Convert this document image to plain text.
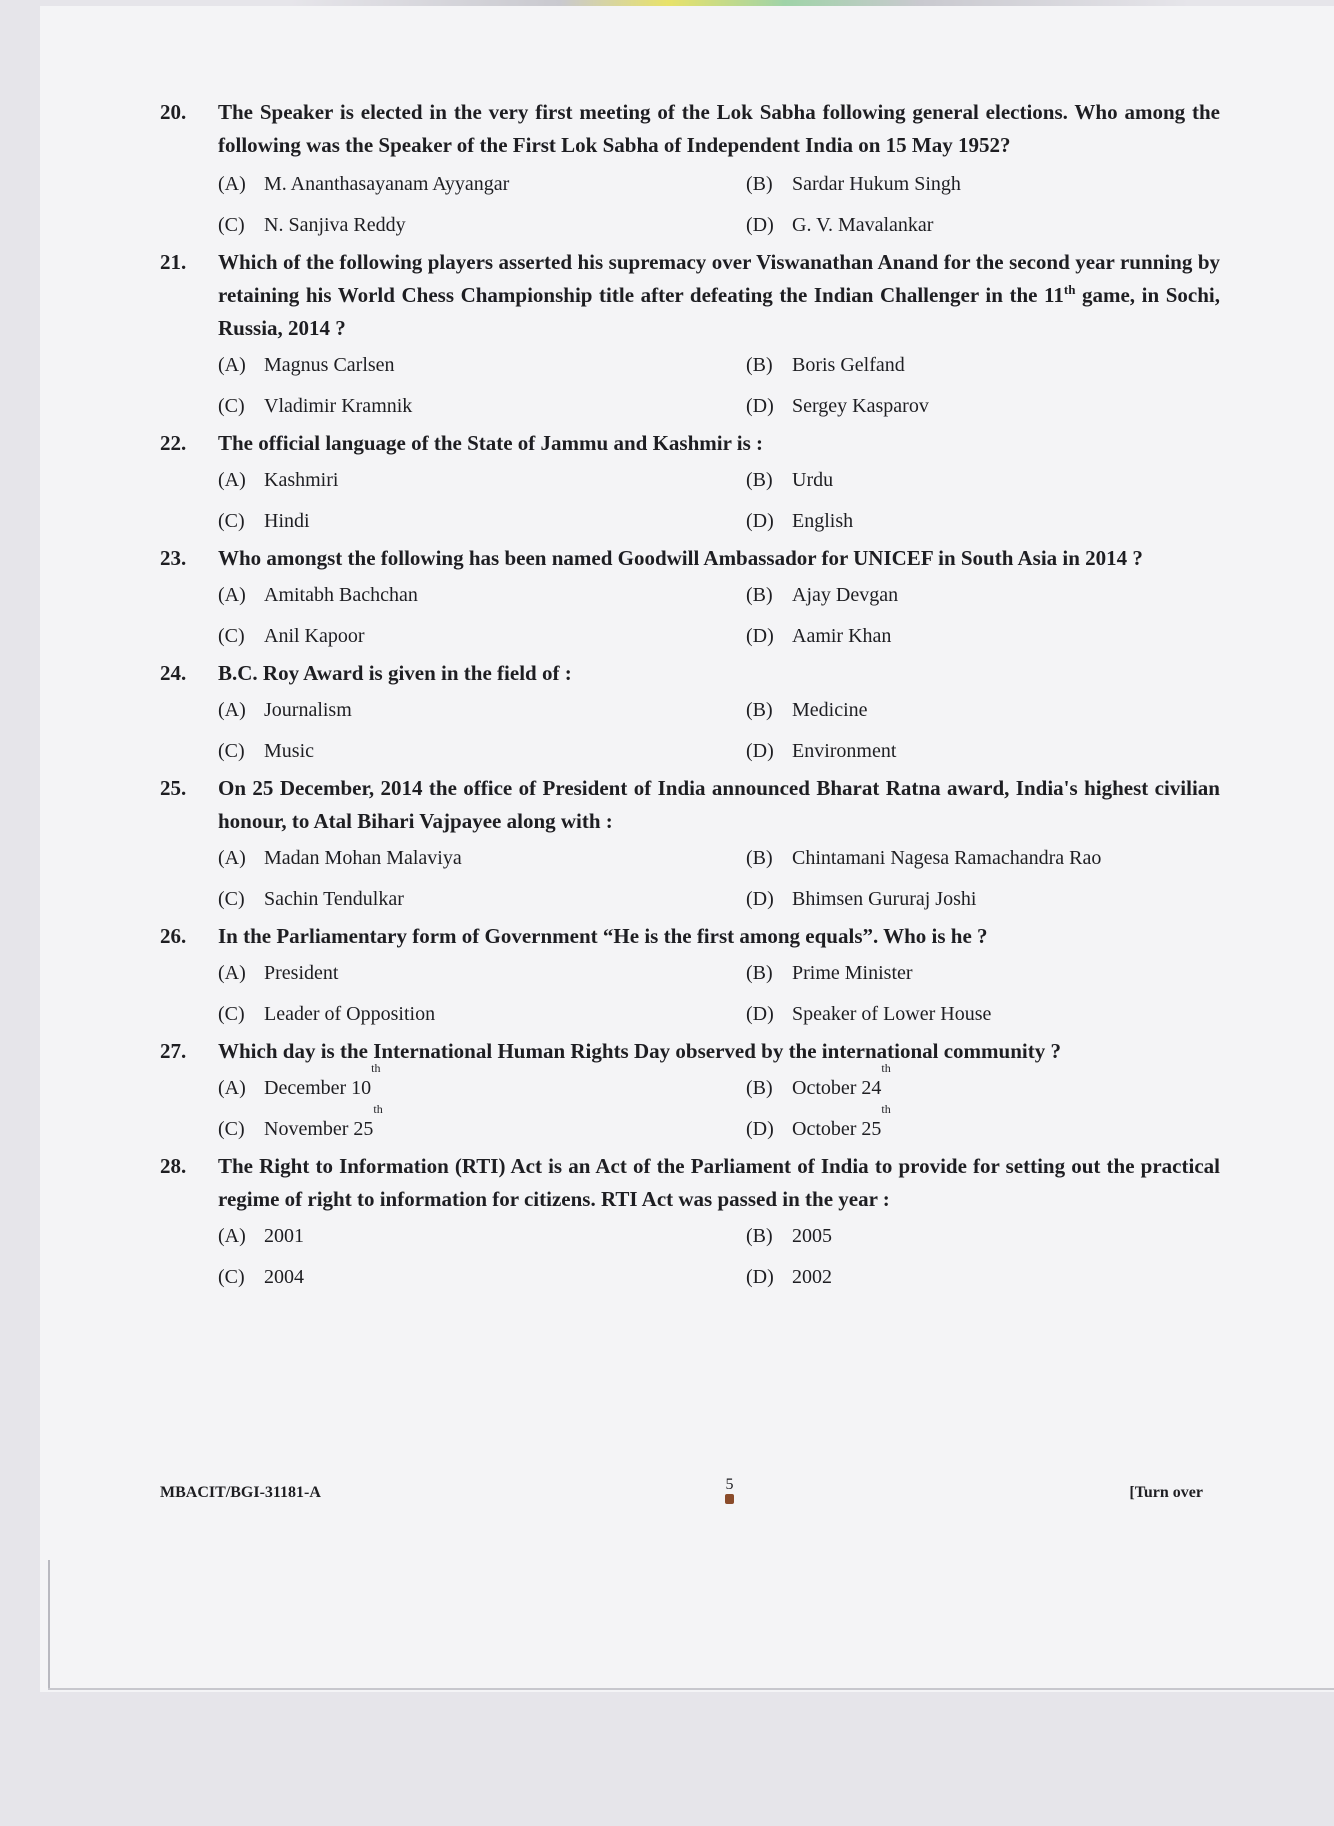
20.	The Speaker is elected in the very first meeting of the Lok Sabha following general elections. Who among the following was the Speaker of the First Lok Sabha of Independent India on 15 May 1952?
(A) M. Ananthasayanam Ayyangar	(B) Sardar Hukum Singh
(C) N. Sanjiva Reddy	(D) G. V. Mavalankar
21.	Which of the following players asserted his supremacy over Viswanathan Anand for the second year running by retaining his World Chess Championship title after defeating the Indian Challenger in the 11th game, in Sochi, Russia, 2014 ?
(A) Magnus Carlsen	(B) Boris Gelfand
(C) Vladimir Kramnik	(D) Sergey Kasparov
22.	The official language of the State of Jammu and Kashmir is :
(A) Kashmiri	(B) Urdu
(C) Hindi	(D) English
23.	Who amongst the following has been named Goodwill Ambassador for UNICEF in South Asia in 2014 ?
(A) Amitabh Bachchan	(B) Ajay Devgan
(C) Anil Kapoor	(D) Aamir Khan
24.	B.C. Roy Award is given in the field of :
(A) Journalism	(B) Medicine
(C) Music	(D) Environment
25.	On 25 December, 2014 the office of President of India announced Bharat Ratna award, India's highest civilian honour, to Atal Bihari Vajpayee along with :
(A) Madan Mohan Malaviya	(B) Chintamani Nagesa Ramachandra Rao
(C) Sachin Tendulkar	(D) Bhimsen Gururaj Joshi
26.	In the Parliamentary form of Government “He is the first among equals”. Who is he ?
(A) President	(B) Prime Minister
(C) Leader of Opposition	(D) Speaker of Lower House
27.	Which day is the International Human Rights Day observed by the international community ?
(A) December 10
th
(B) October 24
th
(C) November 25
th
(D) October 25
th
28.	The Right to Information (RTI) Act is an Act of the Parliament of India to provide for setting out the practical regime of right to information for citizens. RTI Act was passed in the year :
(A) 2001	(B) 2005
(C) 2004	(D) 2002
MBACIT/BGI-31181-A	5	[Turn over
